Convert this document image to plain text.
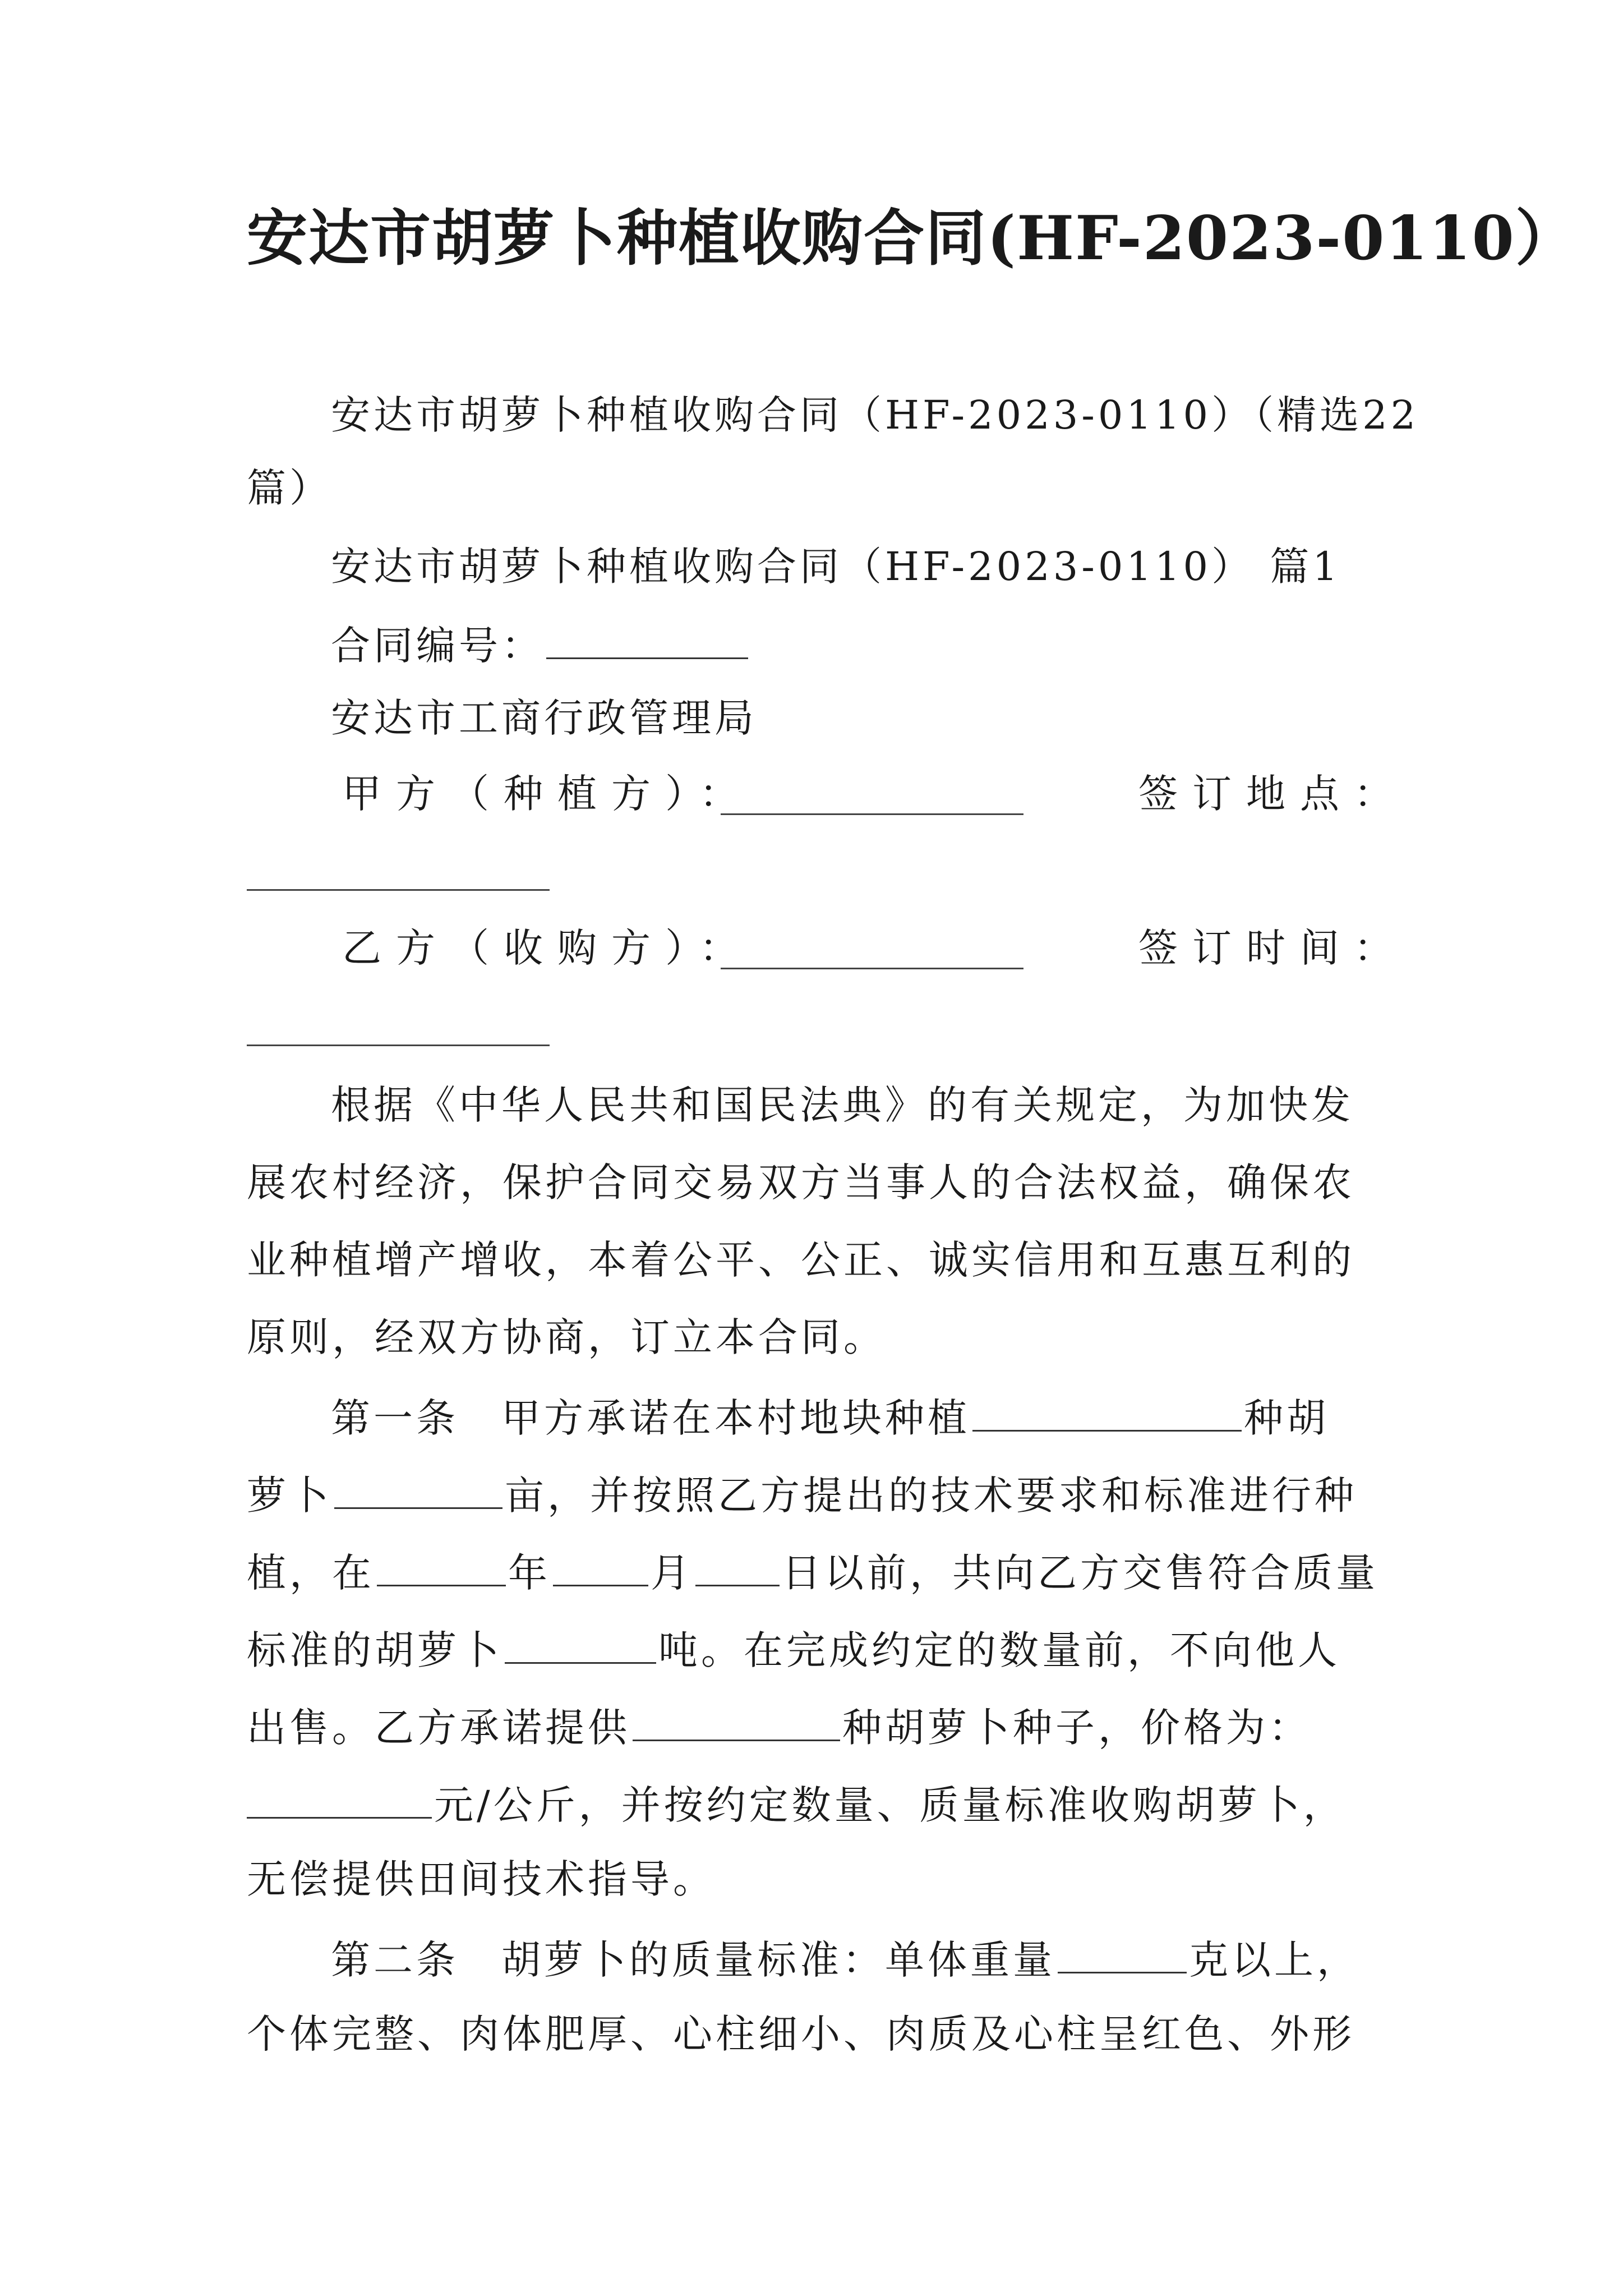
安达市胡萝卜种植收购合同(HF-2023-0110）
安达市胡萝卜种植收购合同（HF-2023-0110）（精选22
篇）
安达市胡萝卜种植收购合同（HF-2023-0110） 篇1
合同编号：
安达市工商行政管理局
甲方（种植方）：	签订地点：
乙方（收购方）：	签订时间：
根据《中华人民共和国民法典》的有关规定，为加快发
展农村经济，保护合同交易双方当事人的合法权益，确保农
业种植增产增收，本着公平、公正、诚实信用和互惠互利的
原则，经双方协商，订立本合同。
第一条　甲方承诺在本村地块种植	种胡
萝卜	亩，并按照乙方提出的技术要求和标准进行种
植，在	年	月 日以前，共向乙方交售符合质量
标准的胡萝卜	吨。在完成约定的数量前，不向他人
出售。乙方承诺提供	种胡萝卜种子，价格为：
元/公斤，并按约定数量、质量标准收购胡萝卜，
无偿提供田间技术指导。
第二条　胡萝卜的质量标准：单体重量	克以上，
个体完整、肉体肥厚、心柱细小、肉质及心柱呈红色、外形
